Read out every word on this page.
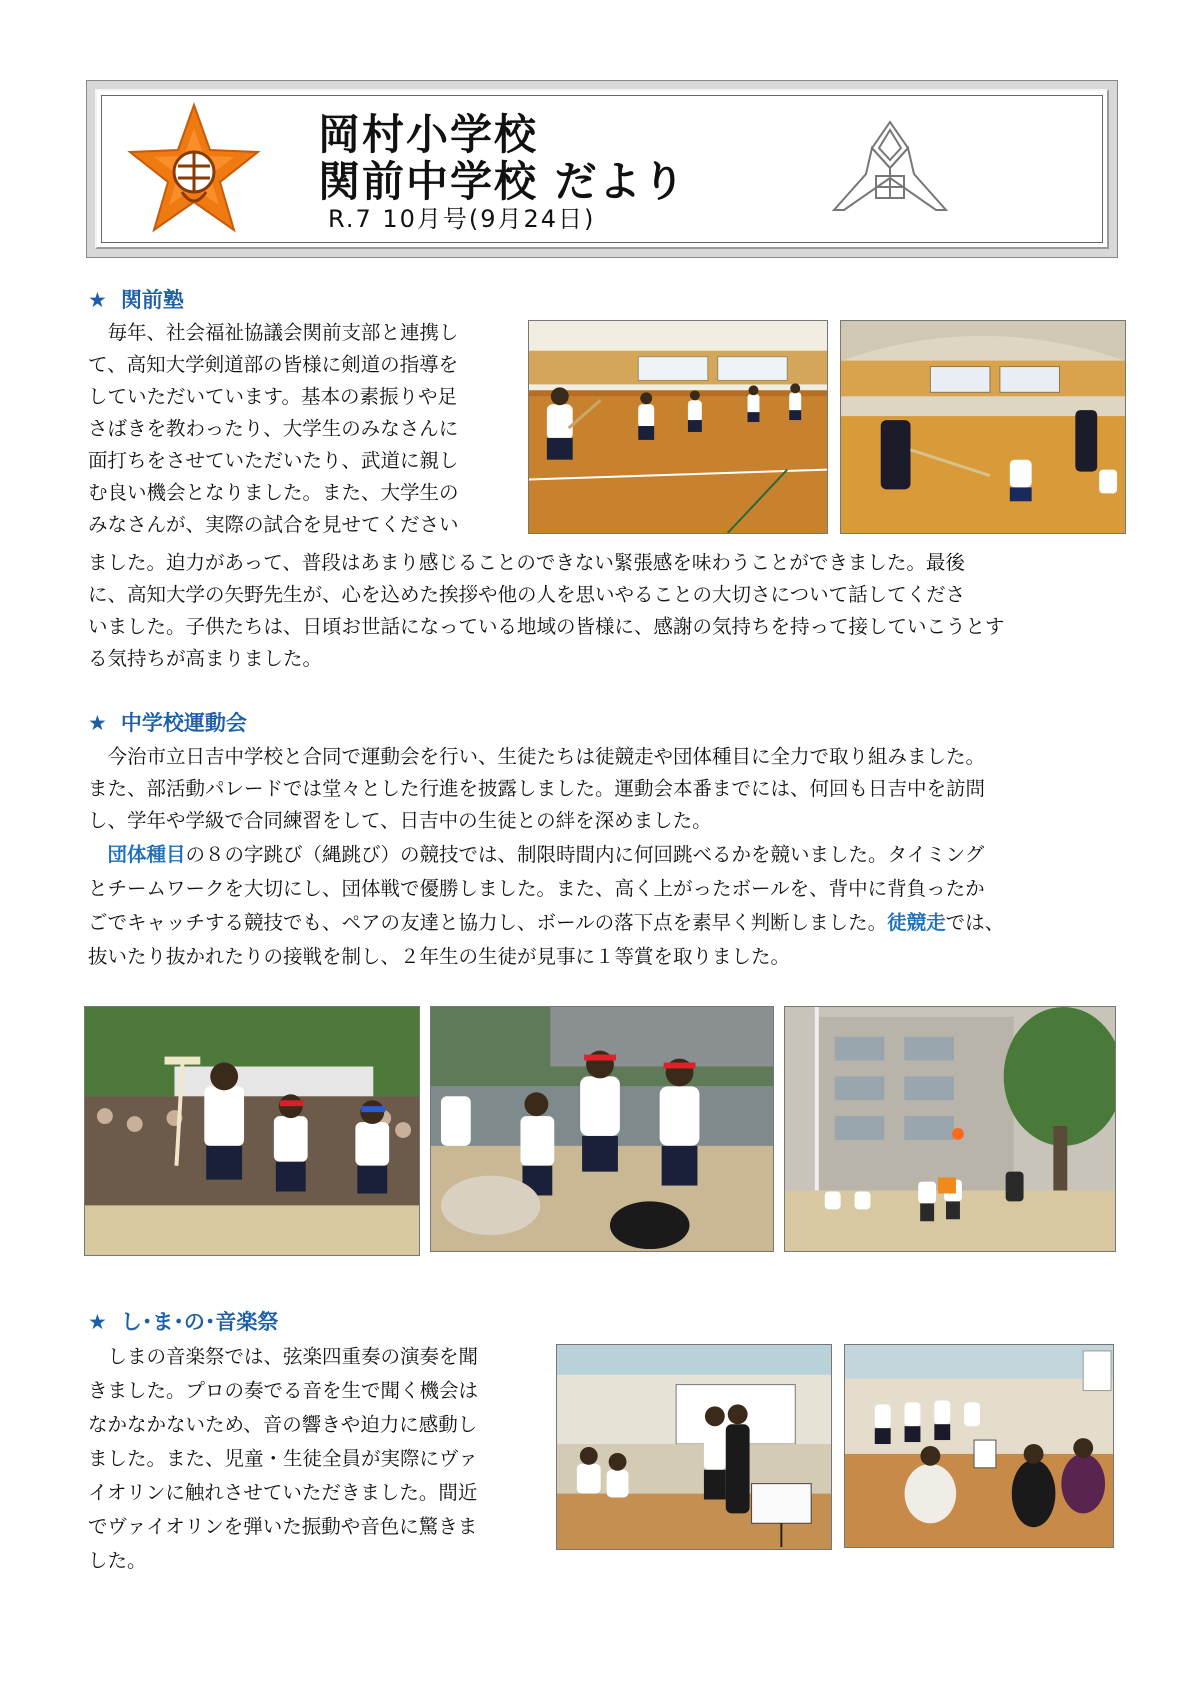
岡村小学校
関前中学校 だより
R.7 10月号(9月24日)
★ 関前塾
　毎年、社会福祉協議会関前支部と連携し
て、高知大学剣道部の皆様に剣道の指導を
していただいています。基本の素振りや足
さばきを教わったり、大学生のみなさんに
面打ちをさせていただいたり、武道に親し
む良い機会となりました。また、大学生の
みなさんが、実際の試合を見せてください
ました。迫力があって、普段はあまり感じることのできない緊張感を味わうことができました。最後
に、高知大学の矢野先生が、心を込めた挨拶や他の人を思いやることの大切さについて話してくださ
いました。子供たちは、日頃お世話になっている地域の皆様に、感謝の気持ちを持って接していこうとす
る気持ちが高まりました。
★ 中学校運動会
　今治市立日吉中学校と合同で運動会を行い、生徒たちは徒競走や団体種目に全力で取り組みました。
また、部活動パレードでは堂々とした行進を披露しました。運動会本番までには、何回も日吉中を訪問
し、学年や学級で合同練習をして、日吉中の生徒との絆を深めました。
　団体種目の８の字跳び（縄跳び）の競技では、制限時間内に何回跳べるかを競いました。タイミング
とチームワークを大切にし、団体戦で優勝しました。また、高く上がったボールを、背中に背負ったか
ごでキャッチする競技でも、ペアの友達と協力し、ボールの落下点を素早く判断しました。徒競走では、
抜いたり抜かれたりの接戦を制し、２年生の生徒が見事に１等賞を取りました。
★ し･ま･の･音楽祭
　しまの音楽祭では、弦楽四重奏の演奏を聞
きました。プロの奏でる音を生で聞く機会は
なかなかないため、音の響きや迫力に感動し
ました。また、児童・生徒全員が実際にヴァ
イオリンに触れさせていただきました。間近
でヴァイオリンを弾いた振動や音色に驚きま
した。
